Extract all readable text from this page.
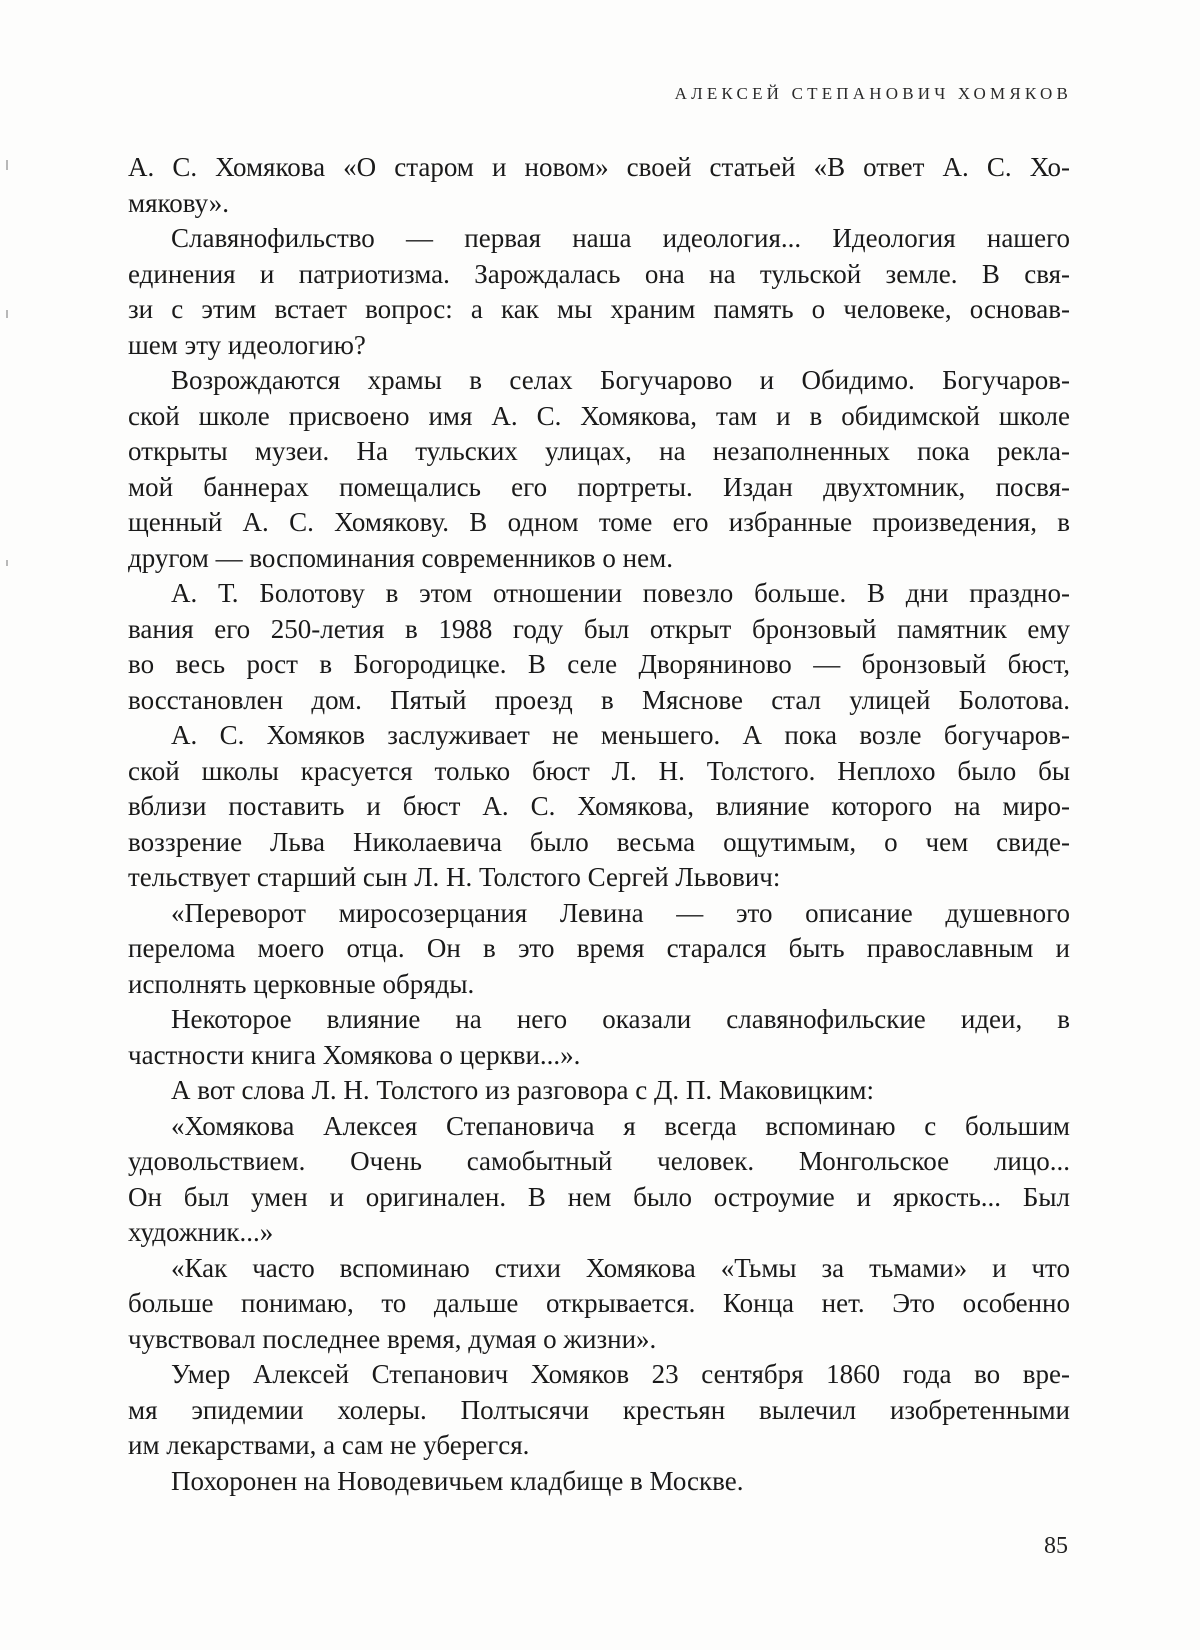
АЛЕКСЕЙ СТЕПАНОВИЧ ХОМЯКОВ
А. С. Хомякова «О старом и новом» своей статьей «В ответ А. С. Хо-
мякову».
Славянофильство — первая наша идеология... Идеология нашего
единения и патриотизма. Зарождалась она на тульской земле. В свя-
зи с этим встает вопрос: а как мы храним память о человеке, основав-
шем эту идеологию?
Возрождаются храмы в селах Богучарово и Обидимо. Богучаров-
ской школе присвоено имя А. С. Хомякова, там и в обидимской школе
открыты музеи. На тульских улицах, на незаполненных пока рекла-
мой баннерах помещались его портреты. Издан двухтомник, посвя-
щенный А. С. Хомякову. В одном томе его избранные произведения, в
другом — воспоминания современников о нем.
А. Т. Болотову в этом отношении повезло больше. В дни праздно-
вания его 250-летия в 1988 году был открыт бронзовый памятник ему
во весь рост в Богородицке. В селе Дворяниново — бронзовый бюст,
восстановлен дом. Пятый проезд в Мяснове стал улицей Болотова.
А. С. Хомяков заслуживает не меньшего. А пока возле богучаров-
ской школы красуется только бюст Л. Н. Толстого. Неплохо было бы
вблизи поставить и бюст А. С. Хомякова, влияние которого на миро-
воззрение Льва Николаевича было весьма ощутимым, о чем свиде-
тельствует старший сын Л. Н. Толстого Сергей Львович:
«Переворот миросозерцания Левина — это описание душевного
перелома моего отца. Он в это время старался быть православным и
исполнять церковные обряды.
Некоторое влияние на него оказали славянофильские идеи, в
частности книга Хомякова о церкви...».
А вот слова Л. Н. Толстого из разговора с Д. П. Маковицким:
«Хомякова Алексея Степановича я всегда вспоминаю с большим
удовольствием. Очень самобытный человек. Монгольское лицо...
Он был умен и оригинален. В нем было остроумие и яркость... Был
художник...»
«Как часто вспоминаю стихи Хомякова «Тьмы за тьмами» и что
больше понимаю, то дальше открывается. Конца нет. Это особенно
чувствовал последнее время, думая о жизни».
Умер Алексей Степанович Хомяков 23 сентября 1860 года во вре-
мя эпидемии холеры. Полтысячи крестьян вылечил изобретенными
им лекарствами, а сам не уберегся.
Похоронен на Новодевичьем кладбище в Москве.
85
